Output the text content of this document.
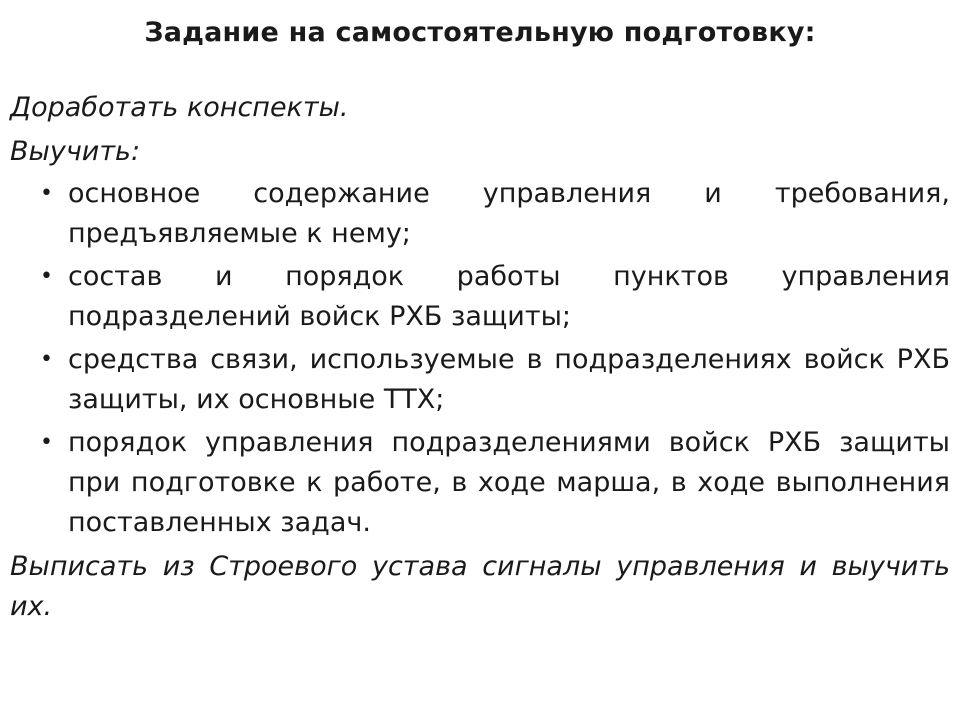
Задание на самостоятельную подготовку:

Доработать конспекты.

Выучить:

• основное содержание управления и требования, предъявляемые к нему;
• состав и порядок работы пунктов управления подразделений войск РХБ защиты;
• средства связи, используемые в подразделениях войск РХБ защиты, их основные ТТХ;
• порядок управления подразделениями войск РХБ защиты при подготовке к работе, в ходе марша, в ходе выполнения поставленных задач.

Выписать из Строевого устава сигналы управления и выучить их.
